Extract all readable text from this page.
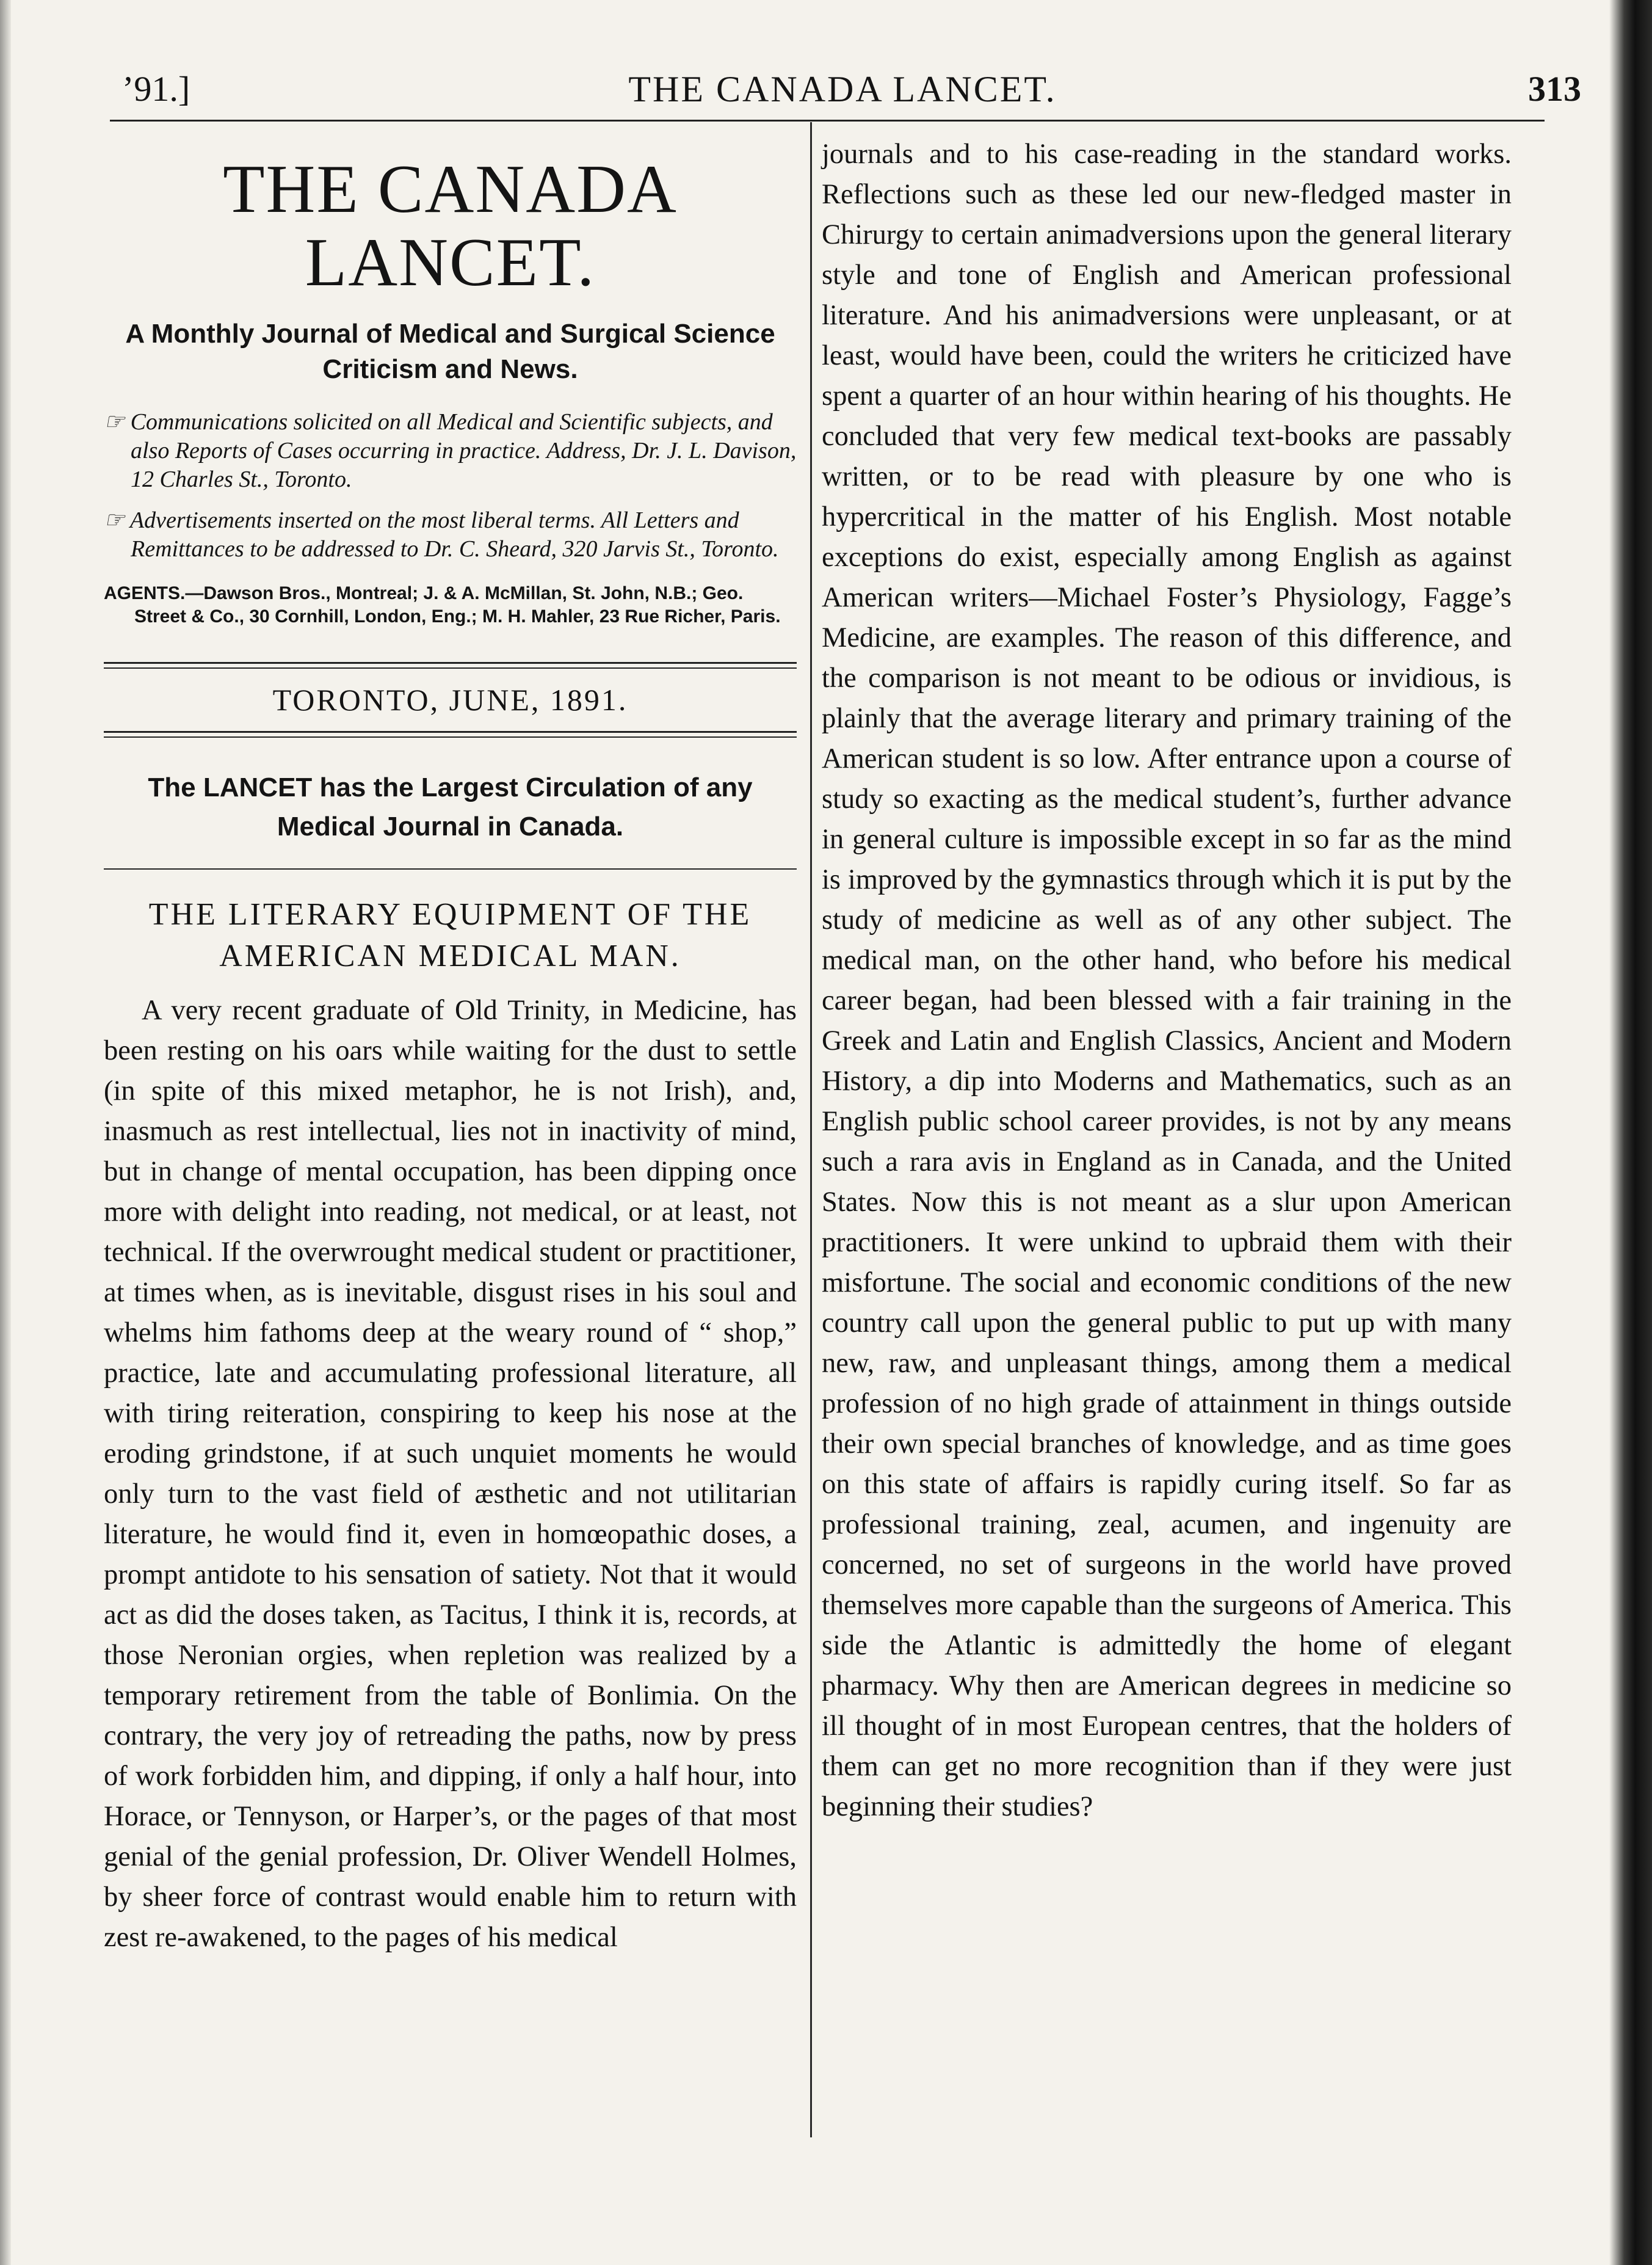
’91.]	THE CANADA LANCET.	313
THE CANADA LANCET.
A Monthly Journal of Medical and Surgical Science Criticism and News.
☞ Communications solicited on all Medical and Scientific subjects, and also Reports of Cases occurring in practice. Address, Dr. J. L. Davison, 12 Charles St., Toronto.
☞ Advertisements inserted on the most liberal terms. All Letters and Remittances to be addressed to Dr. C. Sheard, 320 Jarvis St., Toronto.
AGENTS.—Dawson Bros., Montreal; J. & A. McMillan, St. John, N.B.; Geo. Street & Co., 30 Cornhill, London, Eng.; M. H. Mahler, 23 Rue Richer, Paris.
TORONTO, JUNE, 1891.
The LANCET has the Largest Circulation of any Medical Journal in Canada.
THE LITERARY EQUIPMENT OF THE
AMERICAN MEDICAL MAN.

A very recent graduate of Old Trinity, in Medicine, has been resting on his oars while waiting for the dust to settle (in spite of this mixed metaphor, he is not Irish), and, inasmuch as rest intellectual, lies not in inactivity of mind, but in change of mental occupation, has been dipping once more with delight into reading, not medical, or at least, not technical. If the overwrought medical student or practitioner, at times when, as is inevitable, disgust rises in his soul and whelms him fathoms deep at the weary round of “ shop,” practice, late and accumulating professional literature, all with tiring reiteration, conspiring to keep his nose at the eroding grindstone, if at such unquiet moments he would only turn to the vast field of æsthetic and not utilitarian literature, he would find it, even in homœopathic doses, a prompt antidote to his sensation of satiety. Not that it would act as did the doses taken, as Tacitus, I think it is, records, at those Neronian orgies, when repletion was realized by a temporary retirement from the table of Bonlimia. On the contrary, the very joy of retreading the paths, now by press of work forbidden him, and dipping, if only a half hour, into Horace, or Tennyson, or Harper’s, or the pages of that most genial of the genial profession, Dr. Oliver Wendell Holmes, by sheer force of contrast would enable him to return with zest re-awakened, to the pages of his medical

journals and to his case-reading in the standard works. Reflections such as these led our new-fledged master in Chirurgy to certain animadversions upon the general literary style and tone of English and American professional literature. And his animadversions were unpleasant, or at least, would have been, could the writers he criticized have spent a quarter of an hour within hearing of his thoughts. He concluded that very few medical text-books are passably written, or to be read with pleasure by one who is hypercritical in the matter of his English. Most notable exceptions do exist, especially among English as against American writers—Michael Foster’s Physiology, Fagge’s Medicine, are examples. The reason of this difference, and the comparison is not meant to be odious or invidious, is plainly that the average literary and primary training of the American student is so low. After entrance upon a course of study so exacting as the medical student’s, further advance in general culture is impossible except in so far as the mind is improved by the gymnastics through which it is put by the study of medicine as well as of any other subject. The medical man, on the other hand, who before his medical career began, had been blessed with a fair training in the Greek and Latin and English Classics, Ancient and Modern History, a dip into Moderns and Mathematics, such as an English public school career provides, is not by any means such a rara avis in England as in Canada, and the United States. Now this is not meant as a slur upon American practitioners. It were unkind to upbraid them with their misfortune. The social and economic conditions of the new country call upon the general public to put up with many new, raw, and unpleasant things, among them a medical profession of no high grade of attainment in things outside their own special branches of knowledge, and as time goes on this state of affairs is rapidly curing itself. So far as professional training, zeal, acumen, and ingenuity are concerned, no set of surgeons in the world have proved themselves more capable than the surgeons of America. This side the Atlantic is admittedly the home of elegant pharmacy. Why then are American degrees in medicine so ill thought of in most European centres, that the holders of them can get no more recognition than if they were just beginning their studies?
